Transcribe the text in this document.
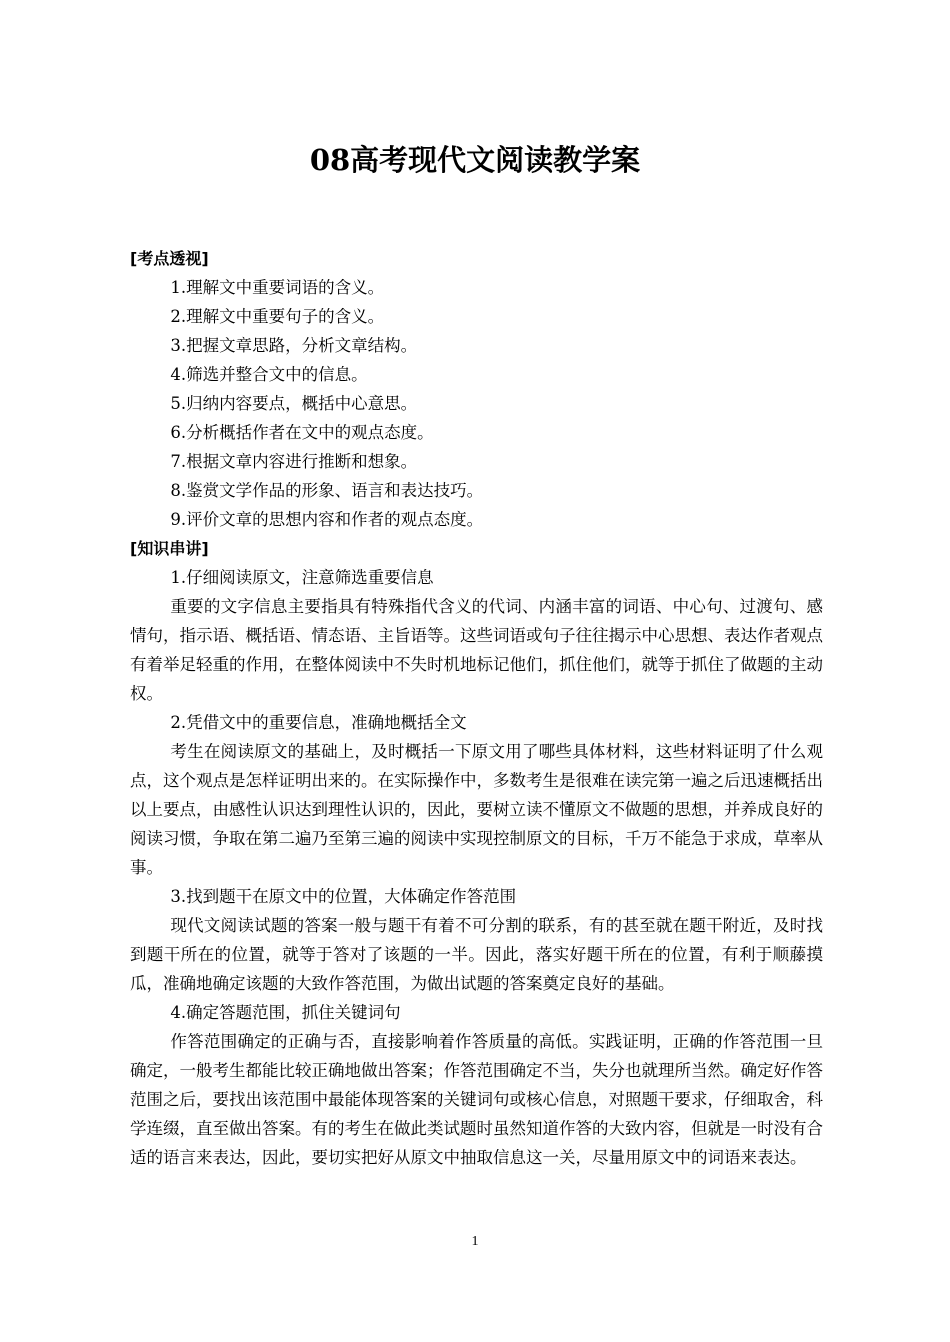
08高考现代文阅读教学案

[考点透视]

1.理解文中重要词语的含义。

2.理解文中重要句子的含义。

3.把握文章思路，分析文章结构。

4.筛选并整合文中的信息。

5.归纳内容要点，概括中心意思。

6.分析概括作者在文中的观点态度。

7.根据文章内容进行推断和想象。

8.鉴赏文学作品的形象、语言和表达技巧。

9.评价文章的思想内容和作者的观点态度。

[知识串讲]

1.仔细阅读原文，注意筛选重要信息

重要的文字信息主要指具有特殊指代含义的代词、内涵丰富的词语、中心句、过渡句、感情句，指示语、概括语、情态语、主旨语等。这些词语或句子往往揭示中心思想、表达作者观点有着举足轻重的作用，在整体阅读中不失时机地标记他们，抓住他们，就等于抓住了做题的主动权。

2.凭借文中的重要信息，准确地概括全文

考生在阅读原文的基础上，及时概括一下原文用了哪些具体材料，这些材料证明了什么观点，这个观点是怎样证明出来的。在实际操作中，多数考生是很难在读完第一遍之后迅速概括出以上要点，由感性认识达到理性认识的，因此，要树立读不懂原文不做题的思想，并养成良好的阅读习惯，争取在第二遍乃至第三遍的阅读中实现控制原文的目标，千万不能急于求成，草率从事。

3.找到题干在原文中的位置，大体确定作答范围

现代文阅读试题的答案一般与题干有着不可分割的联系，有的甚至就在题干附近，及时找到题干所在的位置，就等于答对了该题的一半。因此，落实好题干所在的位置，有利于顺藤摸瓜，准确地确定该题的大致作答范围，为做出试题的答案奠定良好的基础。

4.确定答题范围，抓住关键词句

作答范围确定的正确与否，直接影响着作答质量的高低。实践证明，正确的作答范围一旦确定，一般考生都能比较正确地做出答案；作答范围确定不当，失分也就理所当然。确定好作答范围之后，要找出该范围中最能体现答案的关键词句或核心信息，对照题干要求，仔细取舍，科学连缀，直至做出答案。有的考生在做此类试题时虽然知道作答的大致内容，但就是一时没有合适的语言来表达，因此，要切实把好从原文中抽取信息这一关，尽量用原文中的词语来表达。

1
